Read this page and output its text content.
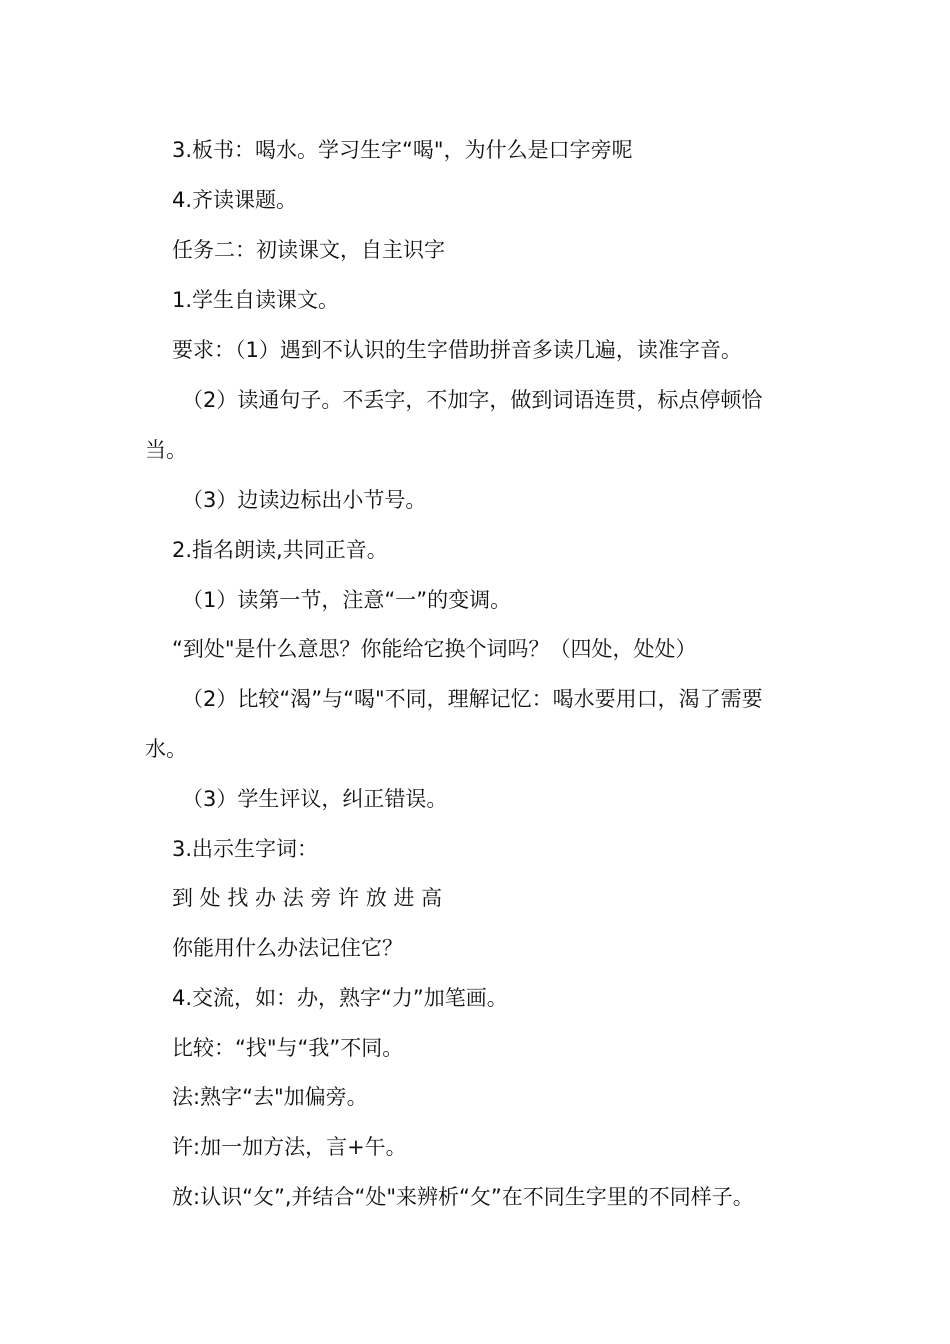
3.板书：喝水。学习生字“喝"，为什么是口字旁呢
4.齐读课题。
任务二：初读课文，自主识字
1.学生自读课文。
要求：（1）遇到不认识的生字借助拼音多读几遍，读准字音。
（2）读通句子。不丢字，不加字，做到词语连贯，标点停顿恰
当。
（3）边读边标出小节号。
2.指名朗读,共同正音。
（1）读第一节，注意“一”的变调。
“到处"是什么意思？你能给它换个词吗？（四处，处处）
（2）比较“渴”与“喝"不同，理解记忆：喝水要用口，渴了需要
水。
（3）学生评议，纠正错误。
3.出示生字词：
到 处 找 办 法 旁 许 放 进 高
你能用什么办法记住它？
4.交流，如：办，熟字“力”加笔画。
比较：“找"与“我”不同。
法:熟字“去"加偏旁。
许:加一加方法，言+午。
放:认识“攵”,并结合“处"来辨析“攵”在不同生字里的不同样子。
